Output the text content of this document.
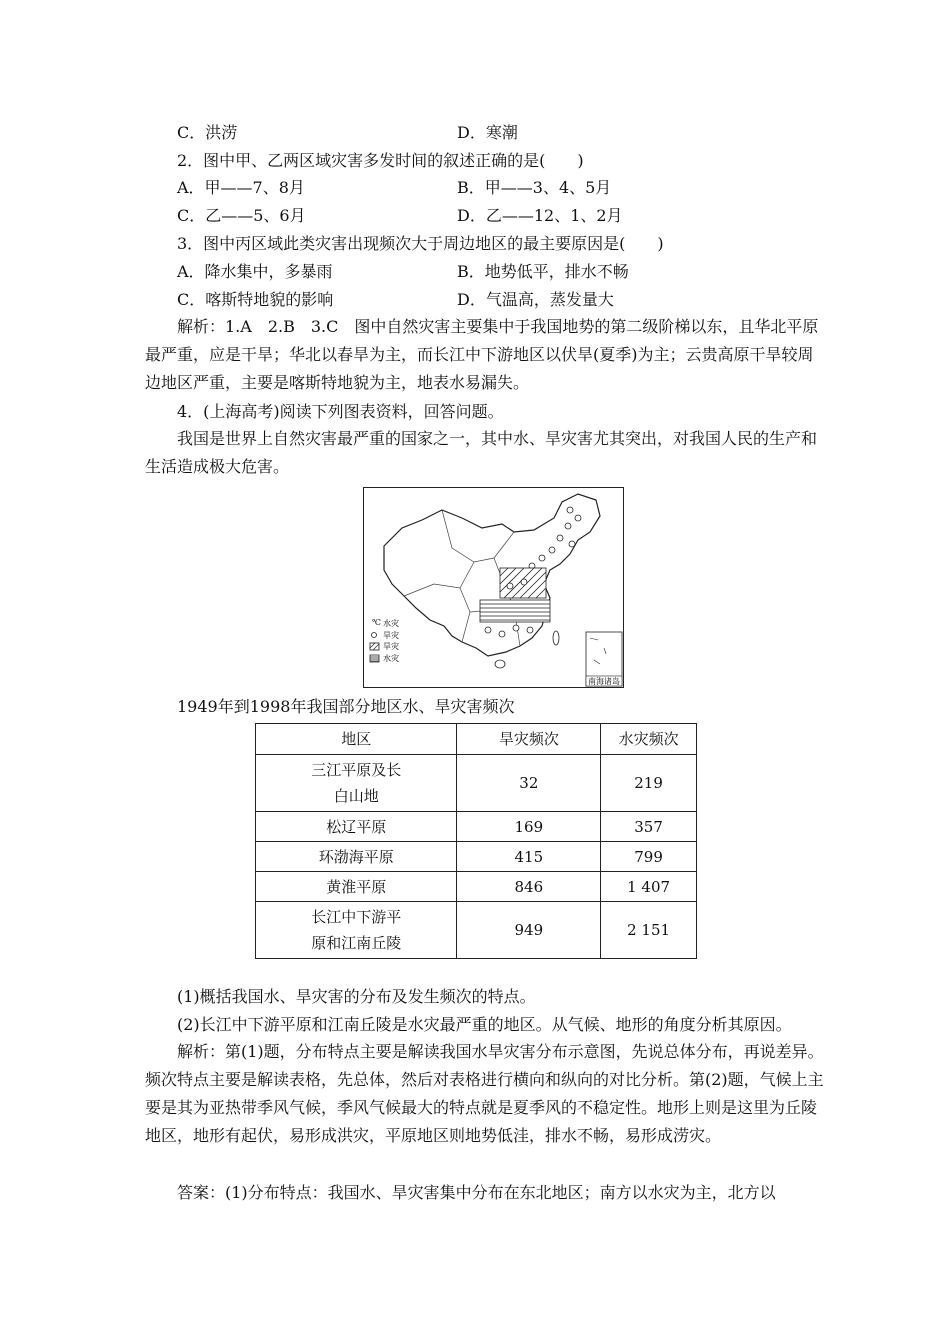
C．洪涝	D．寒潮
2．图中甲、乙两区域灾害多发时间的叙述正确的是(　　)
A．甲——7、8月	B．甲——3、4、5月
C．乙——5、6月	D．乙——12、1、2月
3．图中丙区域此类灾害出现频次大于周边地区的最主要原因是(　　)
A．降水集中，多暴雨	B．地势低平，排水不畅
C．喀斯特地貌的影响	D．气温高，蒸发量大
解析：1.A　2.B　3.C　图中自然灾害主要集中于我国地势的第二级阶梯以东，且华北平原最严重，应是干旱；华北以春旱为主，而长江中下游地区以伏旱(夏季)为主；云贵高原干旱较周边地区严重，主要是喀斯特地貌为主，地表水易漏失。
4．(上海高考)阅读下列图表资料，回答问题。
我国是世界上自然灾害最严重的国家之一，其中水、旱灾害尤其突出，对我国人民的生产和生活造成极大危害。
℃ 水灾
旱灾
旱灾
水灾
南海诸岛
1949年到1998年我国部分地区水、旱灾害频次
地区	旱灾频次	水灾频次

三江平原及长
白山地	32	219
松辽平原	169	357
环渤海平原	415	799
黄淮平原	846	1 407

长江中下游平
原和江南丘陵	949	2 151
(1)概括我国水、旱灾害的分布及发生频次的特点。
(2)长江中下游平原和江南丘陵是水灾最严重的地区。从气候、地形的角度分析其原因。
解析：第(1)题，分布特点主要是解读我国水旱灾害分布示意图，先说总体分布，再说差异。频次特点主要是解读表格，先总体，然后对表格进行横向和纵向的对比分析。第(2)题，气候上主要是其为亚热带季风气候，季风气候最大的特点就是夏季风的不稳定性。地形上则是这里为丘陵地区，地形有起伏，易形成洪灾，平原地区则地势低洼，排水不畅，易形成涝灾。
答案：(1)分布特点：我国水、旱灾害集中分布在东北地区；南方以水灾为主，北方以
